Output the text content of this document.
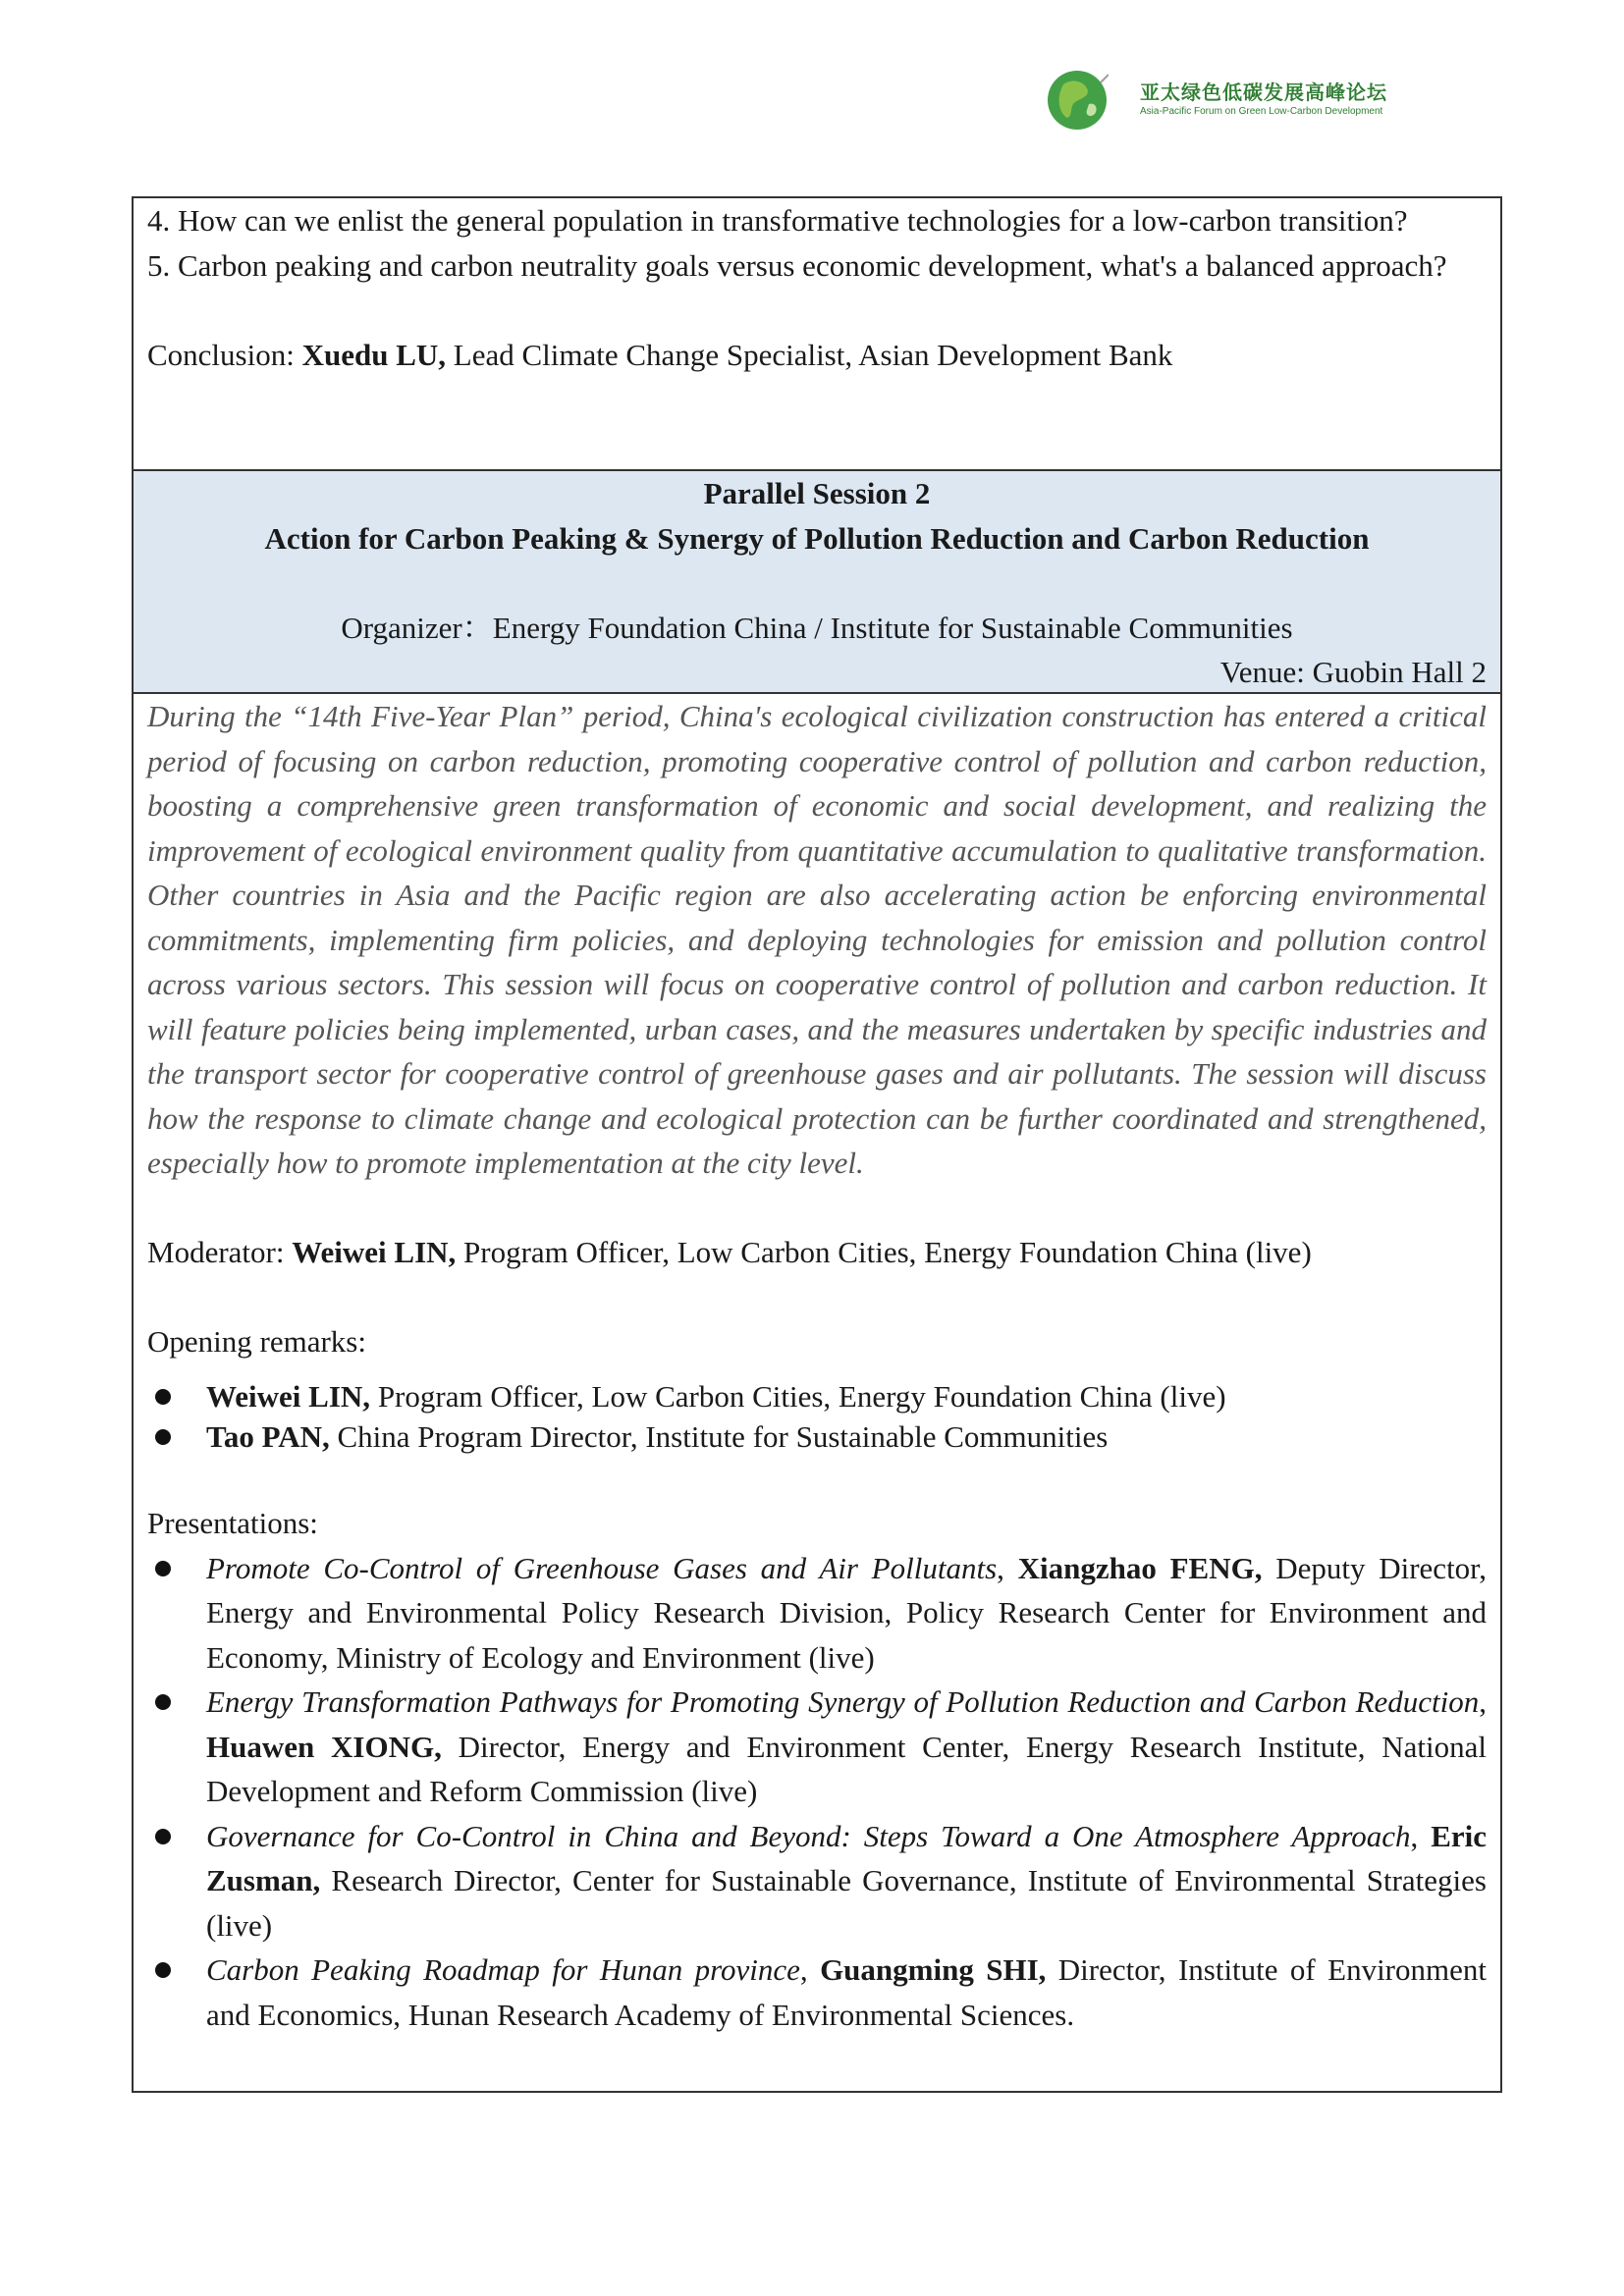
亚太绿色低碳发展高峰论坛
Asia-Pacific Forum on Green Low-Carbon Development

4. How can we enlist the general population in transformative technologies for a low-carbon transition?

5. Carbon peaking and carbon neutrality goals versus economic development, what's a balanced approach?

Conclusion: Xuedu LU, Lead Climate Change Specialist, Asian Development Bank

Parallel Session 2

Action for Carbon Peaking & Synergy of Pollution Reduction and Carbon Reduction

Organizer：Energy Foundation China / Institute for Sustainable Communities

Venue: Guobin Hall 2

During the “14th Five-Year Plan” period, China's ecological civilization construction has entered a critical period of focusing on carbon reduction, promoting cooperative control of pollution and carbon reduction, boosting a comprehensive green transformation of economic and social development, and realizing the improvement of ecological environment quality from quantitative accumulation to qualitative transformation. Other countries in Asia and the Pacific region are also accelerating action be enforcing environmental commitments, implementing firm policies, and deploying technologies for emission and pollution control across various sectors. This session will focus on cooperative control of pollution and carbon reduction. It will feature policies being implemented, urban cases, and the measures undertaken by specific industries and the transport sector for cooperative control of greenhouse gases and air pollutants. The session will discuss how the response to climate change and ecological protection can be further coordinated and strengthened, especially how to promote implementation at the city level.

Moderator: Weiwei LIN, Program Officer, Low Carbon Cities, Energy Foundation China (live)

Opening remarks:

Weiwei LIN, Program Officer, Low Carbon Cities, Energy Foundation China (live)
Tao PAN, China Program Director, Institute for Sustainable Communities

Presentations:

Promote Co-Control of Greenhouse Gases and Air Pollutants, Xiangzhao FENG, Deputy Director, Energy and Environmental Policy Research Division, Policy Research Center for Environment and Economy, Ministry of Ecology and Environment (live)
Energy Transformation Pathways for Promoting Synergy of Pollution Reduction and Carbon Reduction, Huawen XIONG, Director, Energy and Environment Center, Energy Research Institute, National Development and Reform Commission (live)
Governance for Co-Control in China and Beyond: Steps Toward a One Atmosphere Approach, Eric Zusman, Research Director, Center for Sustainable Governance, Institute of Environmental Strategies (live)
Carbon Peaking Roadmap for Hunan province, Guangming SHI, Director, Institute of Environment and Economics, Hunan Research Academy of Environmental Sciences.
